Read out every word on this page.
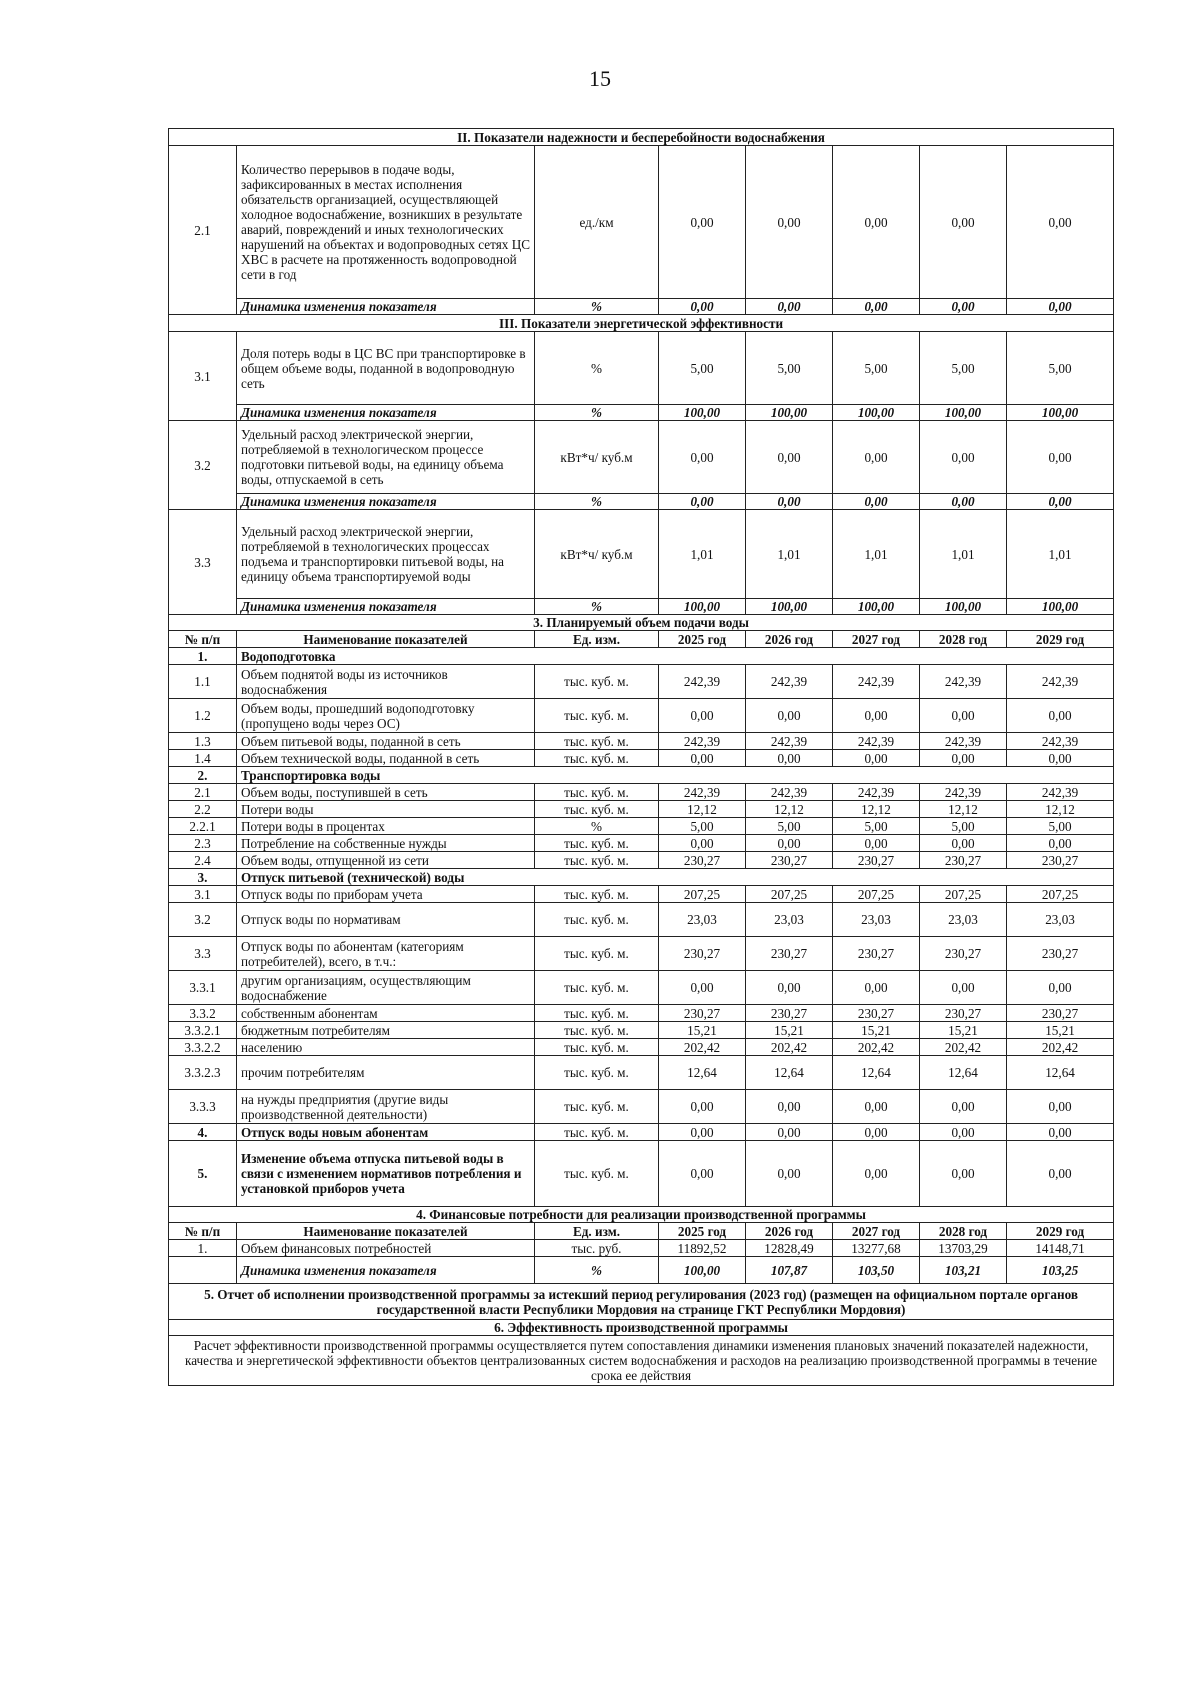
15
II. Показатели надежности и бесперебойности водоснабжения							
2.1	Количество перерывов в подаче воды, зафиксированных в местах исполнения обязательств организацией, осуществляющей холодное водоснабжение, возникших в результате аварий, повреждений и иных технологических нарушений на объектах и водопроводных сетях ЦС ХВС в расчете на протяженность водопроводной сети в год	ед./км	0,00	0,00	0,00	0,00	0,00
	Динамика изменения показателя	%	0,00	0,00	0,00	0,00	0,00
III. Показатели энергетической эффективности							
3.1	Доля потерь воды в ЦС ВС при транспортировке в общем объеме воды, поданной в водопроводную сеть	%	5,00	5,00	5,00	5,00	5,00
	Динамика изменения показателя	%	100,00	100,00	100,00	100,00	100,00
3.2	Удельный расход электрической энергии, потребляемой в технологическом процессе подготовки питьевой воды, на единицу объема воды, отпускаемой в сеть	кВт*ч/ куб.м	0,00	0,00	0,00	0,00	0,00
	Динамика изменения показателя	%	0,00	0,00	0,00	0,00	0,00
3.3	Удельный расход электрической энергии, потребляемой в технологических процессах подъема и транспортировки питьевой воды, на единицу объема транспортируемой воды	кВт*ч/ куб.м	1,01	1,01	1,01	1,01	1,01
	Динамика изменения показателя	%	100,00	100,00	100,00	100,00	100,00
3. Планируемый объем подачи воды							
№ п/п	Наименование показателей	Ед. изм.	2025 год	2026 год	2027 год	2028 год	2029 год
1.	Водоподготовка						
1.1	Объем поднятой воды из источников водоснабжения	тыс. куб. м.	242,39	242,39	242,39	242,39	242,39
1.2	Объем воды, прошедший водоподготовку (пропущено воды через ОС)	тыс. куб. м.	0,00	0,00	0,00	0,00	0,00
1.3	Объем питьевой воды, поданной в сеть	тыс. куб. м.	242,39	242,39	242,39	242,39	242,39
1.4	Объем технической воды, поданной в сеть	тыс. куб. м.	0,00	0,00	0,00	0,00	0,00
2.	Транспортировка воды						
2.1	Объем воды, поступившей в сеть	тыс. куб. м.	242,39	242,39	242,39	242,39	242,39
2.2	Потери воды	тыс. куб. м.	12,12	12,12	12,12	12,12	12,12
2.2.1	Потери воды в процентах	%	5,00	5,00	5,00	5,00	5,00
2.3	Потребление на собственные нужды	тыс. куб. м.	0,00	0,00	0,00	0,00	0,00
2.4	Объем воды, отпущенной из сети	тыс. куб. м.	230,27	230,27	230,27	230,27	230,27
3.	Отпуск питьевой (технической) воды						
3.1	Отпуск воды по приборам учета	тыс. куб. м.	207,25	207,25	207,25	207,25	207,25
3.2	Отпуск воды по нормативам	тыс. куб. м.	23,03	23,03	23,03	23,03	23,03
3.3	Отпуск воды по абонентам (категориям потребителей), всего, в т.ч.:	тыс. куб. м.	230,27	230,27	230,27	230,27	230,27
3.3.1	другим организациям, осуществляющим водоснабжение	тыс. куб. м.	0,00	0,00	0,00	0,00	0,00
3.3.2	собственным абонентам	тыс. куб. м.	230,27	230,27	230,27	230,27	230,27
3.3.2.1	бюджетным потребителям	тыс. куб. м.	15,21	15,21	15,21	15,21	15,21
3.3.2.2	населению	тыс. куб. м.	202,42	202,42	202,42	202,42	202,42
3.3.2.3	прочим потребителям	тыс. куб. м.	12,64	12,64	12,64	12,64	12,64
3.3.3	на нужды предприятия (другие виды производственной деятельности)	тыс. куб. м.	0,00	0,00	0,00	0,00	0,00
4.	Отпуск воды новым абонентам	тыс. куб. м.	0,00	0,00	0,00	0,00	0,00
5.	Изменение объема отпуска питьевой воды в связи с изменением нормативов потребления и установкой приборов учета	тыс. куб. м.	0,00	0,00	0,00	0,00	0,00
4. Финансовые потребности для реализации производственной программы							
№ п/п	Наименование показателей	Ед. изм.	2025 год	2026 год	2027 год	2028 год	2029 год
1.	Объем финансовых потребностей	тыс. руб.	11892,52	12828,49	13277,68	13703,29	14148,71
	Динамика изменения показателя	%	100,00	107,87	103,50	103,21	103,25
5. Отчет об исполнении производственной программы за истекший период регулирования (2023 год) (размещен на официальном портале органов государственной власти Республики Мордовия на странице ГКТ Республики Мордовия)							
6. Эффективность производственной программы							
Расчет эффективности производственной программы осуществляется путем сопоставления динамики изменения плановых значений показателей надежности, качества и энергетической эффективности объектов централизованных систем водоснабжения и расходов на реализацию производственной программы в течение срока ее действия							
